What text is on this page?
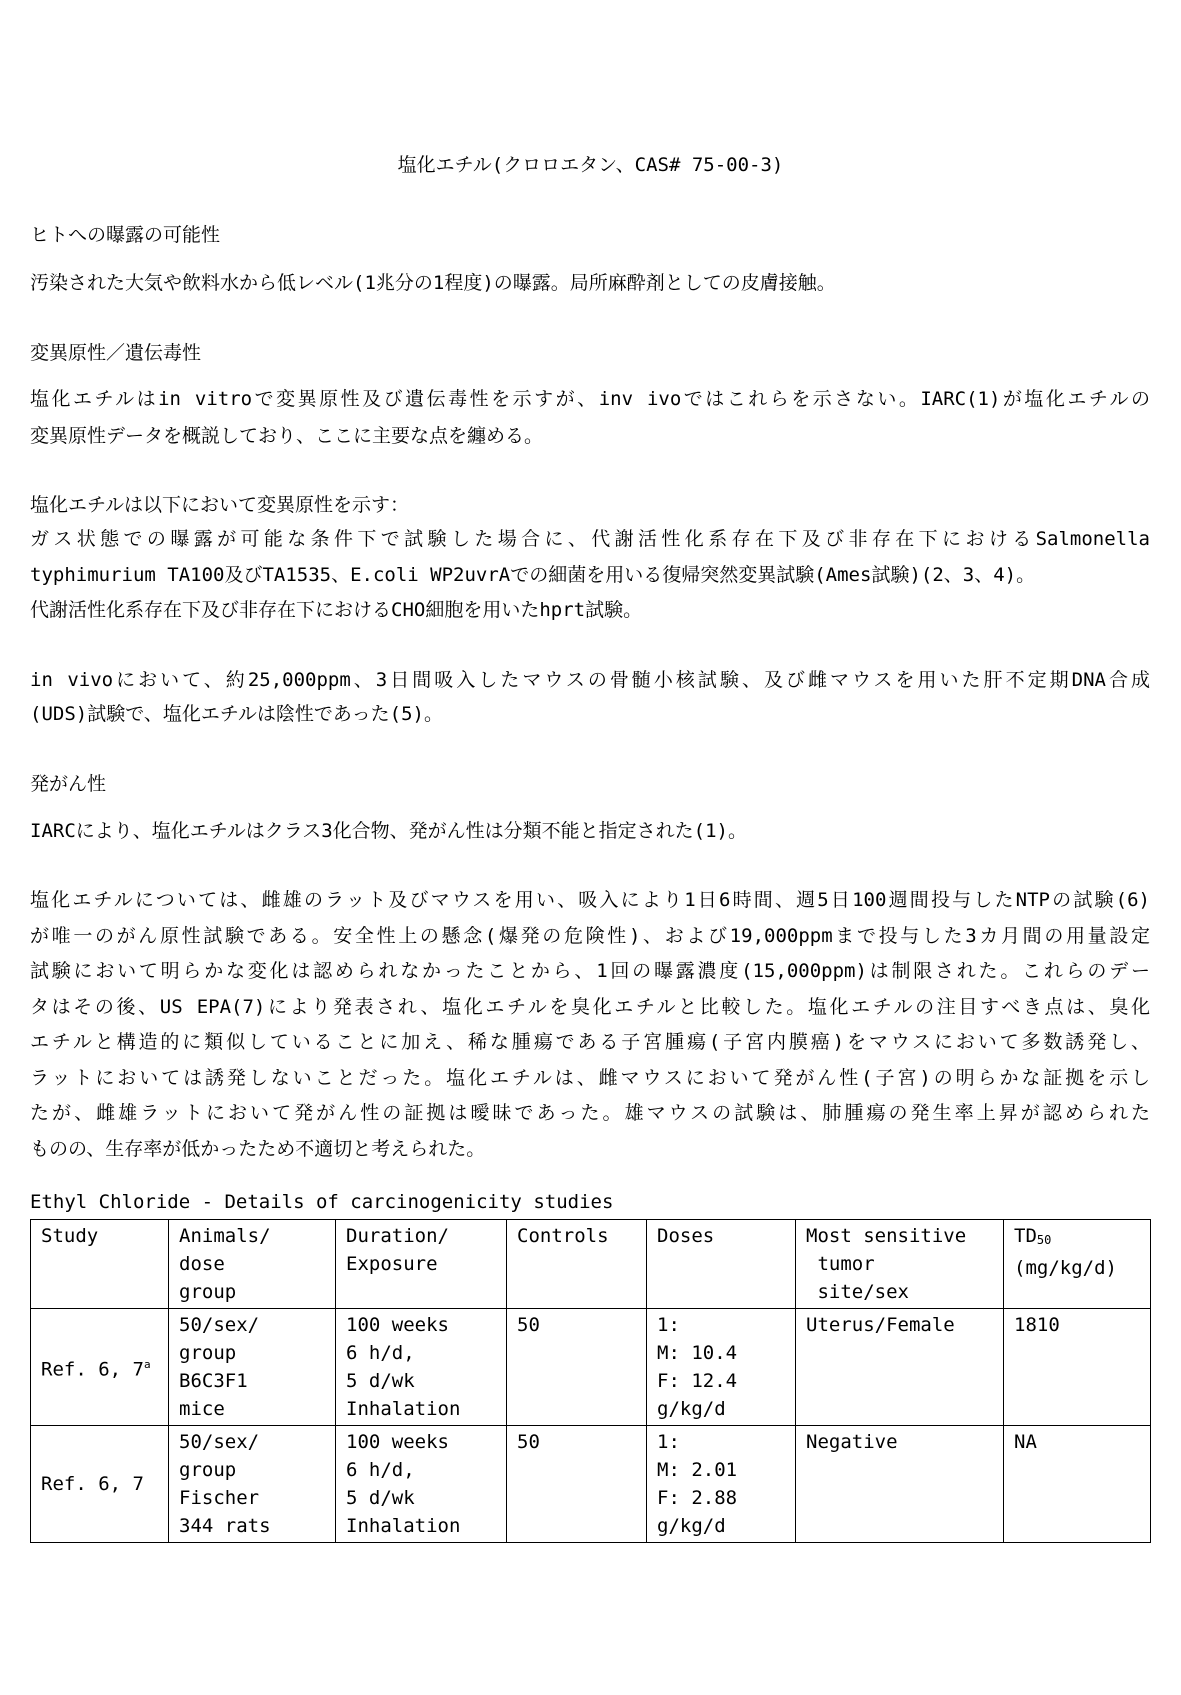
塩化エチル(クロロエタン、CAS# 75-00-3)
ヒトへの曝露の可能性
汚染された大気や飲料水から低レベル(1兆分の1程度)の曝露。局所麻酔剤としての皮膚接触。
変異原性／遺伝毒性
塩化エチルはin vitroで変異原性及び遺伝毒性を示すが、inv ivoではこれらを示さない。IARC(1)が塩化エチルの
変異原性データを概説しており、ここに主要な点を纏める。
塩化エチルは以下において変異原性を示す：
ガス状態での曝露が可能な条件下で試験した場合に、代謝活性化系存在下及び非存在下におけるSalmonella
typhimurium TA100及びTA1535、E.coli WP2uvrAでの細菌を用いる復帰突然変異試験(Ames試験)(2、3、4)。
代謝活性化系存在下及び非存在下におけるCHO細胞を用いたhprt試験。
in vivoにおいて、約25,000ppm、3日間吸入したマウスの骨髄小核試験、及び雌マウスを用いた肝不定期DNA合成
(UDS)試験で、塩化エチルは陰性であった(5)。
発がん性
IARCにより、塩化エチルはクラス3化合物、発がん性は分類不能と指定された(1)。
塩化エチルについては、雌雄のラット及びマウスを用い、吸入により1日6時間、週5日100週間投与したNTPの試験(6)
が唯一のがん原性試験である。安全性上の懸念(爆発の危険性)、および19,000ppmまで投与した3カ月間の用量設定
試験において明らかな変化は認められなかったことから、1回の曝露濃度(15,000ppm)は制限された。これらのデー
タはその後、US EPA(7)により発表され、塩化エチルを臭化エチルと比較した。塩化エチルの注目すべき点は、臭化
エチルと構造的に類似していることに加え、稀な腫瘍である子宮腫瘍(子宮内膜癌)をマウスにおいて多数誘発し、
ラットにおいては誘発しないことだった。塩化エチルは、雌マウスにおいて発がん性(子宮)の明らかな証拠を示し
たが、雌雄ラットにおいて発がん性の証拠は曖昧であった。雄マウスの試験は、肺腫瘍の発生率上昇が認められた
ものの、生存率が低かったため不適切と考えられた。
Ethyl Chloride - Details of carcinogenicity studies
Study	Animals/
dose
group	Duration/
Exposure	Controls	Doses	Most sensitive
tumor
site/sex	$TD_{50}$
(mg/kg/d)

Ref. 6, 7$^a$	50/sex/
group
B6C3F1
mice	100 weeks
6 h/d,
5 d/wk
Inhalation	50	1:
M: 10.4
F: 12.4
g/kg/d	Uterus/Female	1810
Ref. 6, 7	50/sex/
group
Fischer
344 rats	100 weeks
6 h/d,
5 d/wk
Inhalation	50	1:
M: 2.01
F: 2.88
g/kg/d	Negative	NA
